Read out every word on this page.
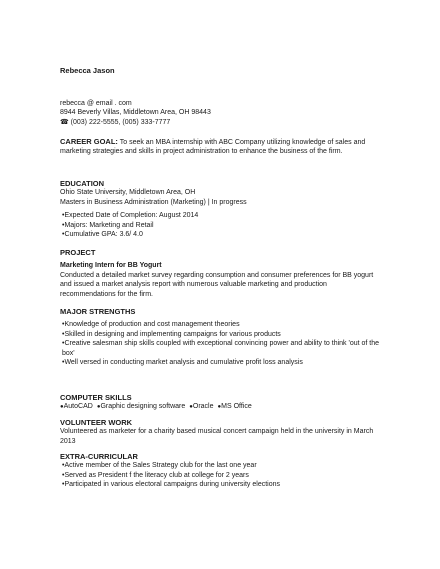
Rebecca Jason

rebecca @ email . com

8944 Beverly Villas, Middletown Area, OH 98443

☎ (003) 222-5555, (005) 333-7777

CAREER GOAL: To seek an MBA internship with ABC Company utilizing knowledge of sales and marketing strategies and skills in project administration to enhance the business of the firm.

EDUCATION

Ohio State University, Middletown Area, OH

Masters in Business Administration (Marketing) | In progress

• Expected Date of Completion: August 2014
• Majors: Marketing and Retail
• Cumulative GPA: 3.6/ 4.0

PROJECT

Marketing Intern for BB Yogurt

Conducted a detailed market survey regarding consumption and consumer preferences for BB yogurt and issued a market analysis report with numerous valuable marketing and production recommendations for the firm.

MAJOR STRENGTHS

• Knowledge of production and cost management theories
• Skilled in designing and implementing campaigns for various products
• Creative salesman ship skills coupled with exceptional convincing power and ability to think 'out of the box'
• Well versed in conducting market analysis and cumulative profit loss analysis

COMPUTER SKILLS

● AutoCAD	● Graphic designing software	● Oracle	● MS Office

VOLUNTEER WORK

Volunteered as marketer for a charity based musical concert campaign held in the university in March 2013

EXTRA-CURRICULAR

• Active member of the Sales Strategy club for the last one year
• Served as President f the literacy club at college for 2 years
• Participated in various electoral campaigns during university elections
